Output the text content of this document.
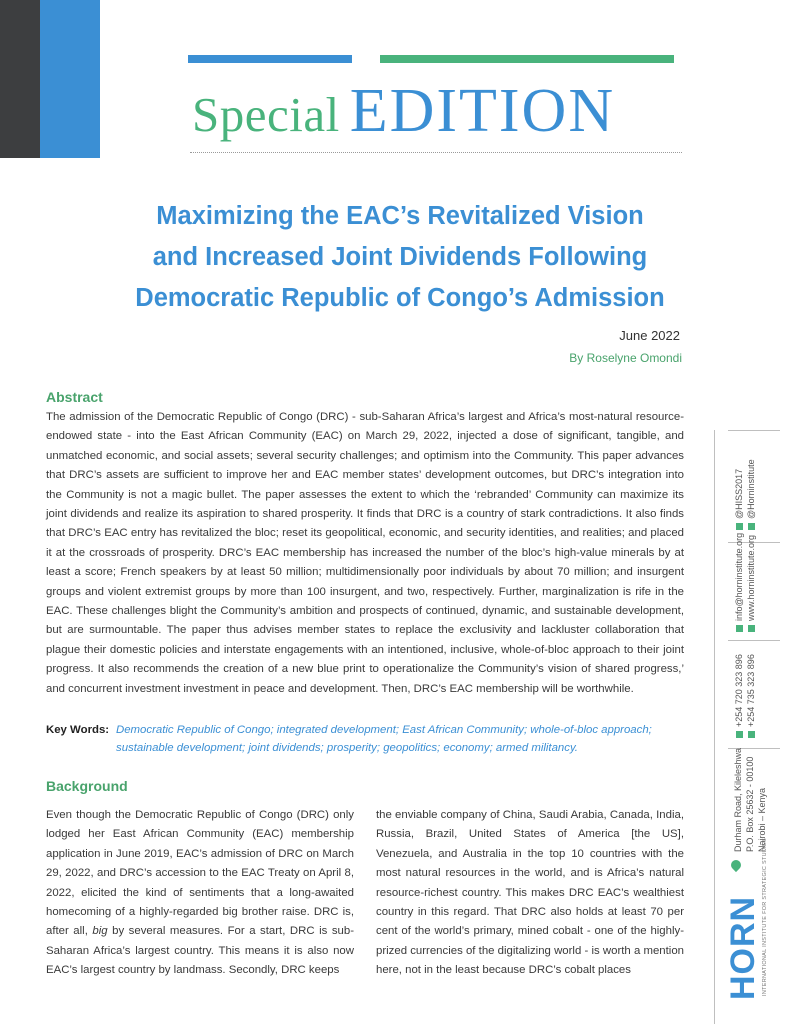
Special EDITION
Maximizing the EAC’s Revitalized Vision
and Increased Joint Dividends Following
Democratic Republic of Congo’s Admission
June 2022
By Roselyne Omondi
Abstract

The admission of the Democratic Republic of Congo (DRC) - sub-Saharan Africa’s largest and Africa’s most-natural resource-endowed state - into the East African Community (EAC) on March 29, 2022, injected a dose of significant, tangible, and unmatched economic, and social assets; several security challenges; and optimism into the Community. This paper advances that DRC’s assets are sufficient to improve her and EAC member states’ development outcomes, but DRC’s integration into the Community is not a magic bullet. The paper assesses the extent to which the ‘rebranded’ Community can maximize its joint dividends and realize its aspiration to shared prosperity. It finds that DRC is a country of stark contradictions. It also finds that DRC’s EAC entry has revitalized the bloc; reset its geopolitical, economic, and security identities, and realities; and placed it at the crossroads of prosperity. DRC’s EAC membership has increased the number of the bloc’s high-value minerals by at least a score; French speakers by at least 50 million; multidimensionally poor individuals by about 70 million; and insurgent groups and violent extremist groups by more than 100 insurgent, and two, respectively. Further, marginalization is rife in the EAC. These challenges blight the Community’s ambition and prospects of continued, dynamic, and sustainable development, but are surmountable. The paper thus advises member states to replace the exclusivity and lackluster collaboration that plague their domestic policies and interstate engagements with an intentioned, inclusive, whole-of-bloc approach to their joint progress. It also recommends the creation of a new blue print to operationalize the Community’s vision of shared progress,’ and concurrent investment investment in peace and development. Then, DRC’s EAC membership will be worthwhile.

Key Words: Democratic Republic of Congo; integrated development; East African Community; whole-of-bloc approach; sustainable development; joint dividends; prosperity; geopolitics; economy; armed militancy.
Background

Even though the Democratic Republic of Congo (DRC) only lodged her East African Community (EAC) membership application in June 2019, EAC’s admission of DRC on March 29, 2022, and DRC’s accession to the EAC Treaty on April 8, 2022, elicited the kind of sentiments that a long-awaited homecoming of a highly-regarded big brother raise. DRC is, after all, big by several measures. For a start, DRC is sub-Saharan Africa’s largest country. This means it is also now EAC’s largest country by landmass. Secondly, DRC keeps

the enviable company of China, Saudi Arabia, Canada, India, Russia, Brazil, United States of America [the US], Venezuela, and Australia in the top 10 countries with the most natural resources in the world, and is Africa’s natural resource-richest country. This makes DRC EAC’s wealthiest country in this regard. That DRC also holds at least 70 per cent of the world’s primary, mined cobalt - one of the highly-prized currencies of the digitalizing world - is worth a mention here, not in the least because DRC’s cobalt places

@HISS2017 @Horninstitute
info@horninstitute.org www.horninstitute.org
+254 720 323 896 +254 735 323 896
Durham Road, Kileleshwa P.O. Box 25632 - 00100 Nairobi – Kenya
HORN INTERNATIONAL INSTITUTE FOR STRATEGIC STUDIES
